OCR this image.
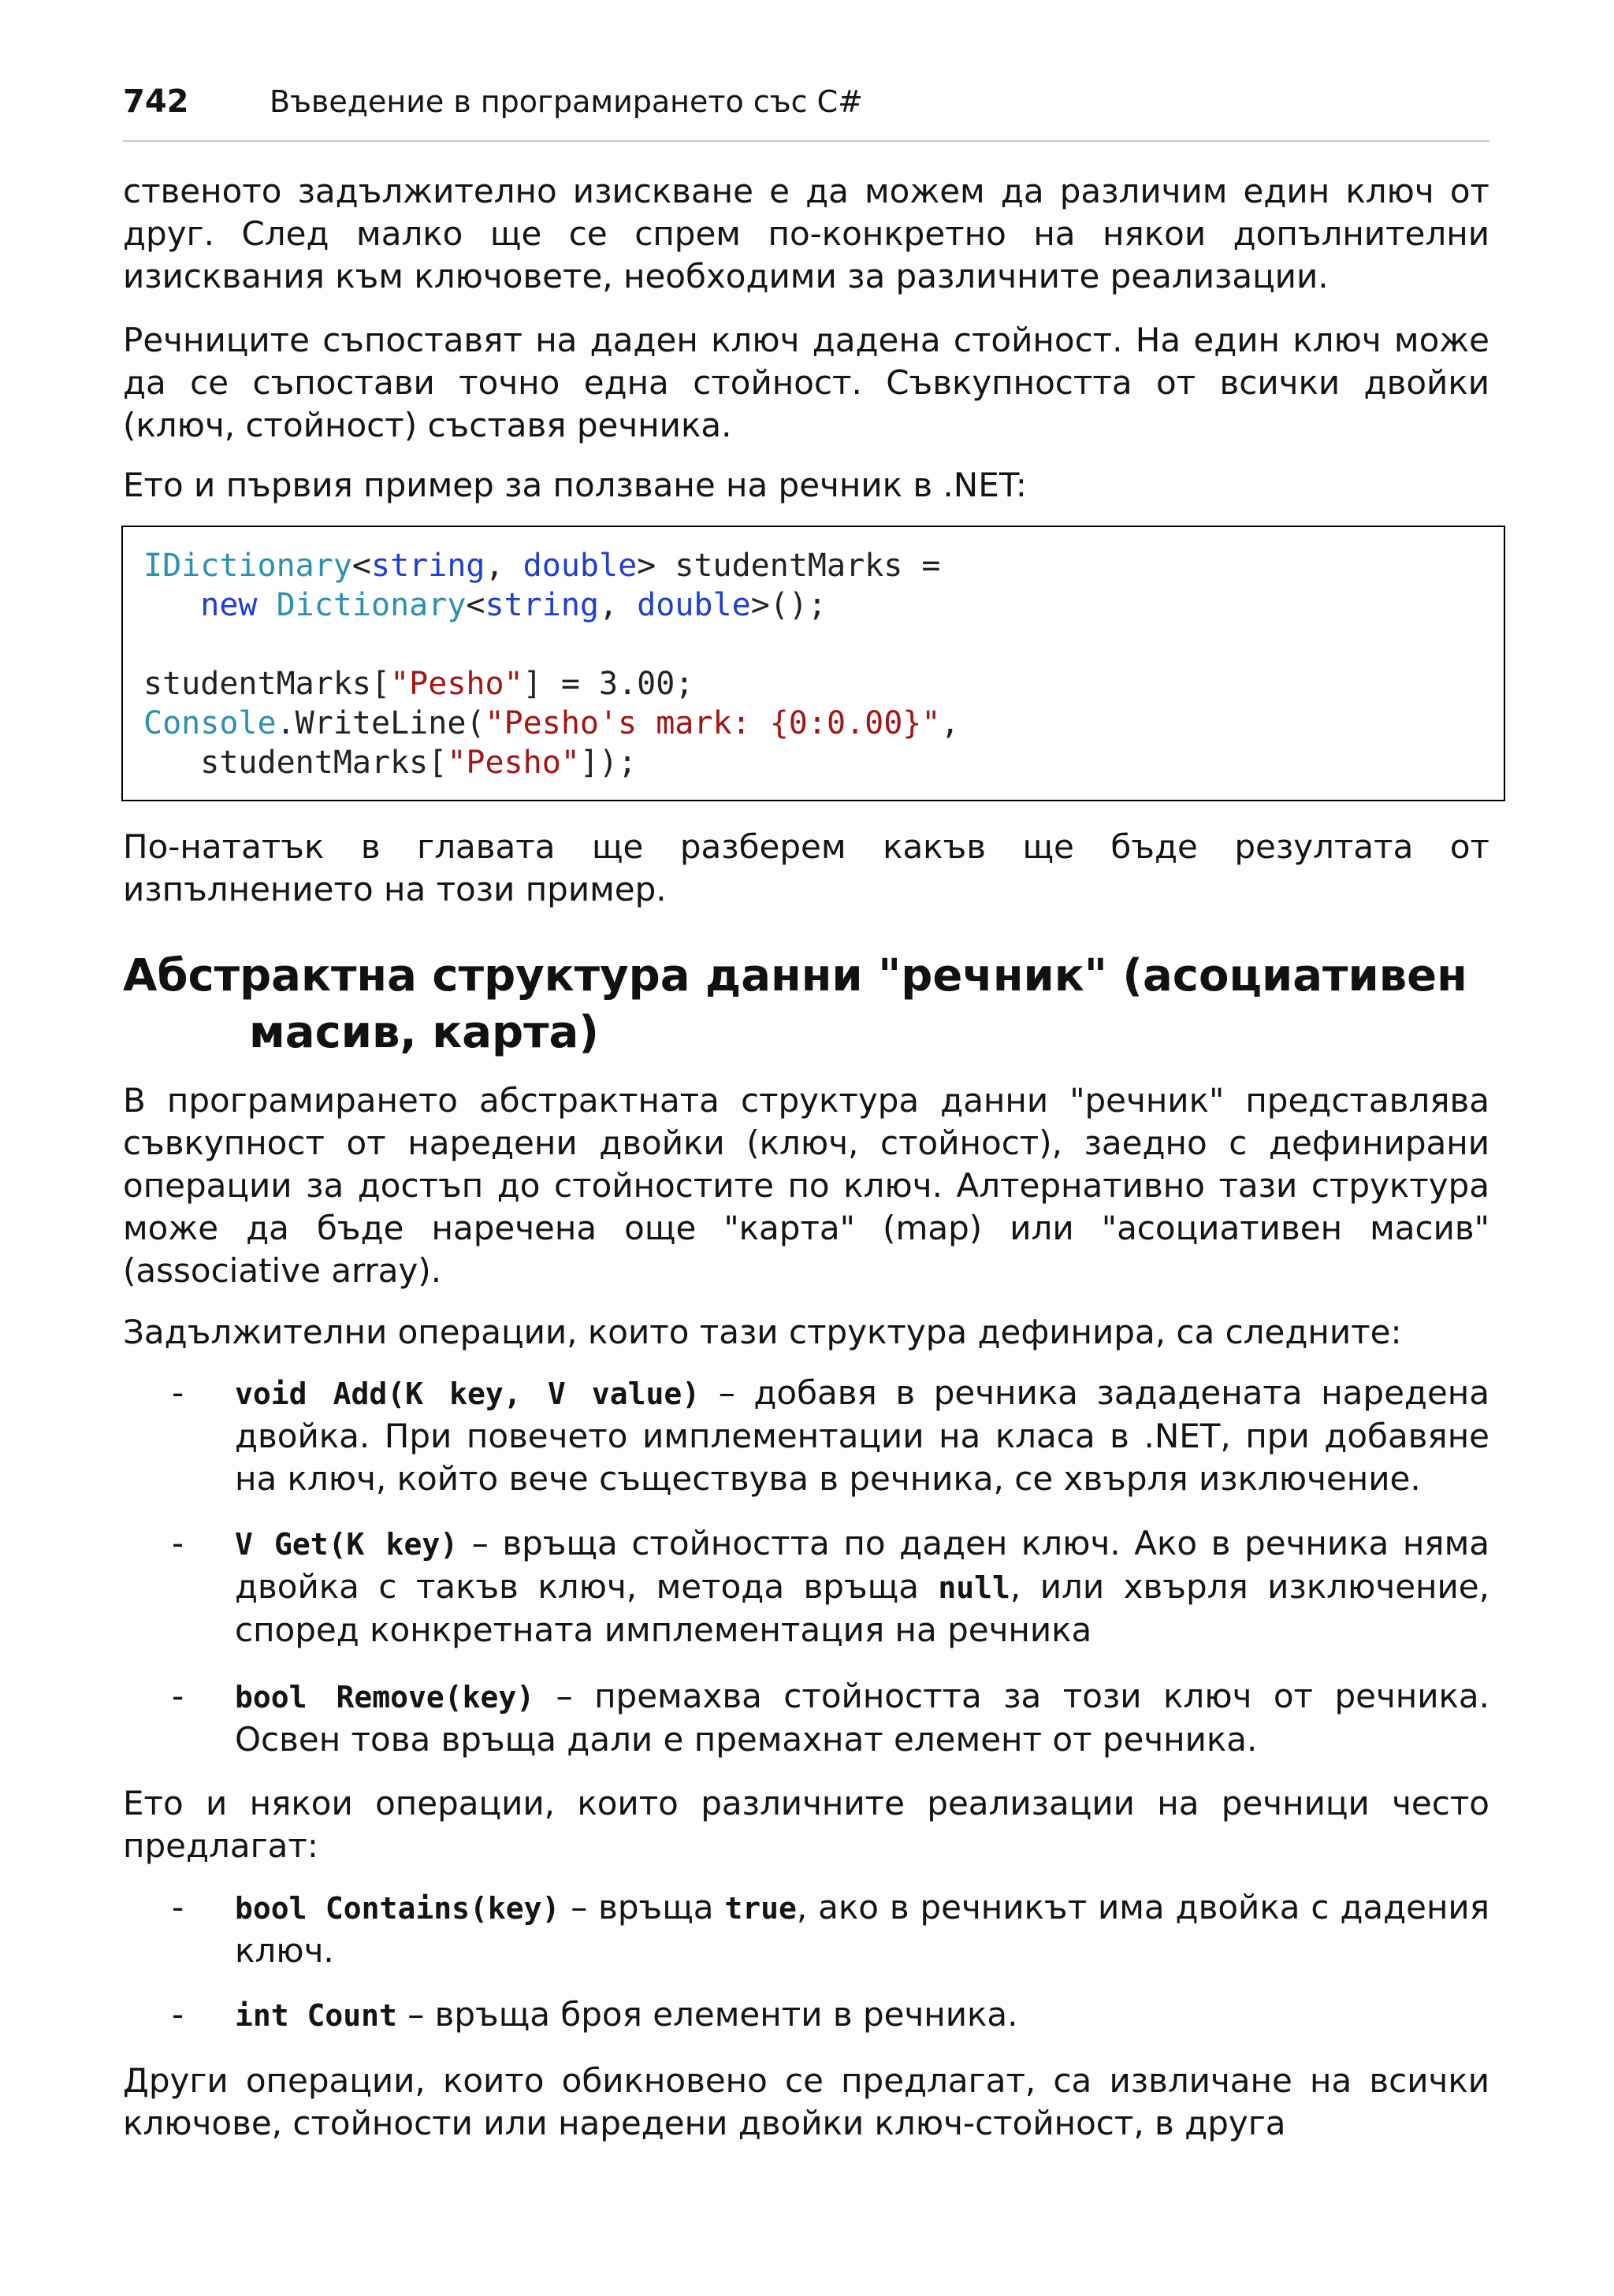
742	Въведение в програмирането със C#

ственото задължително изискване е да можем да различим един ключ от друг. След малко ще се спрем по-конкретно на някои допълнителни изисквания към ключовете, необходими за различните реализации.

Речниците съпоставят на даден ключ дадена стойност. На един ключ може да се съпостави точно една стойност. Съвкупността от всички двойки (ключ, стойност) съставя речника.

Ето и първия пример за ползване на речник в .NET:

IDictionary<string, double> studentMarks =
new Dictionary<string, double>();

studentMarks["Pesho"] = 3.00;
Console.WriteLine("Pesho's mark: {0:0.00}",
studentMarks["Pesho"]);

По-нататък в главата ще разберем какъв ще бъде резултата от изпълнението на този пример.

Абстрактна структура данни "речник" (асоциативен
масив, карта)

В програмирането абстрактната структура данни "речник" представлява съвкупност от наредени двойки (ключ, стойност), заедно с дефинирани операции за достъп до стойностите по ключ. Алтернативно тази структура може да бъде наречена още "карта" (map) или "асоциативен масив" (associative array).

Задължителни операции, които тази структура дефинира, са следните:

- void Add(K key, V value) – добавя в речника зададената наредена двойка. При повечето имплементации на класа в .NET, при добавяне на ключ, който вече съществува в речника, се хвърля изключение.
- V Get(K key) – връща стойността по даден ключ. Ако в речника няма двойка с такъв ключ, метода връща null, или хвърля изключение, според конкретната имплементация на речника
- bool Remove(key) – премахва стойността за този ключ от речника. Освен това връща дали е премахнат елемент от речника.

Ето и някои операции, които различните реализации на речници често предлагат:

- bool Contains(key) – връща true, ако в речникът има двойка с дадения ключ.
- int Count – връща броя елементи в речника.

Други операции, които обикновено се предлагат, са извличане на всички ключове, стойности или наредени двойки ключ-стойност, в друга
